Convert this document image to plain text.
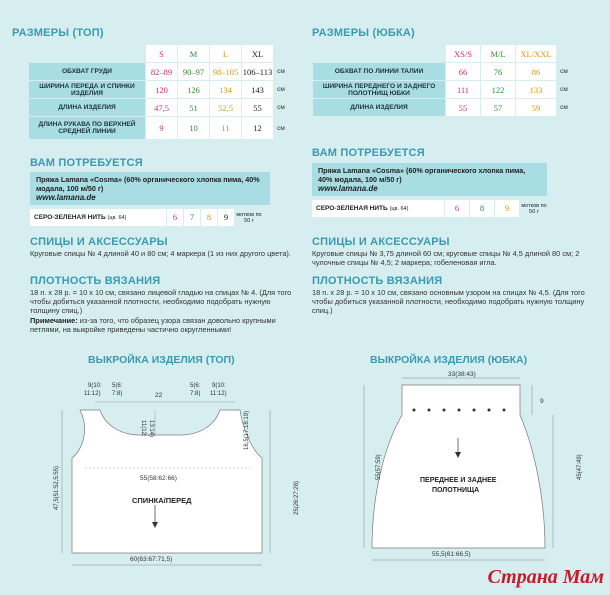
РАЗМЕРЫ (ТОП)
	S	M	L	XL	
ОБХВАТ ГРУДИ	82–89	90–97	98–105	106–113	см
ШИРИНА ПЕРЕДА И СПИНКИ ИЗДЕЛИЯ	120	126	134	143	см
ДЛИНА ИЗДЕЛИЯ	47,5	51	52,5	55	см
ДЛИНА РУКАВА ПО ВЕРХНЕЙ СРЕДНЕЙ ЛИНИИ	9	10	11	12	см
РАЗМЕРЫ (ЮБКА)
	XS/S	M/L	XL/XXL	
ОБХВАТ ПО ЛИНИИ ТАЛИИ	66	76	86	см
ШИРИНА ПЕРЕДНЕГО И ЗАДНЕГО ПОЛОТНИЩ ЮБКИ	111	122	133	см
ДЛИНА ИЗДЕЛИЯ	55	57	59	см
ВАМ ПОТРЕБУЕТСЯ
Пряжа Lamana «Cosma» (60% органического хлопка пима, 40% модала, 100 м/50 г)
www.lamana.de
СЕРО-ЗЕЛЕНАЯ НИТЬ (цв. 64)	6	7	8	9	мотков по 50 г
ВАМ ПОТРЕБУЕТСЯ
Пряжа Lamana «Cosma» (60% органического хлопка пима, 40% модала, 100 м/50 г)
www.lamana.de
СЕРО-ЗЕЛЕНАЯ НИТЬ (цв. 64)	6	8	9	мотков по 50 г
СПИЦЫ И АКСЕССУАРЫ
Круговые спицы № 4 длиной 40 и 80 см; 4 маркера (1 из них другого цвета).
ПЛОТНОСТЬ ВЯЗАНИЯ
18 п. х 28 р. = 10 х 10 см, связано лицевой гладью на спицах № 4. (Для того чтобы добиться указанной плотности, необходимо подобрать нужную толщину спиц.)
Примечание: из-за того, что образец узора связан довольно крупными петлями, на выкройке приведены частично округленными!
СПИЦЫ И АКСЕССУАРЫ
Круговые спицы № 3,75 длиной 60 см; круговые спицы № 4,5 длиной 80 см; 2 чулочные спицы № 4,5; 2 маркера; гобеленовая игла.
ПЛОТНОСТЬ ВЯЗАНИЯ
18 п. х 28 р. = 10 х 10 см, связано основным узором на спицах № 4,5. (Для того чтобы добиться указанной плотности, необходимо подобрать нужную толщину спиц.)
ВЫКРОЙКА ИЗДЕЛИЯ (ТОП)	ВЫКРОЙКА ИЗДЕЛИЯ (ЮБКА)
9(10:
11:12)
5(6:
7:8)
5(6:
7:8)
9(10:
11:12)
22
11(12: 13:14)	16,5(17:18:19)
55(58:62:66)
СПИНКА/ПЕРЕД
47,5(51:52,5:55)	25(26:27:28)
60(63:67:71,5)
33(38:43)
9
ПЕРЕДНЕЕ И ЗАДНЕЕ
ПОЛОТНИЩА
55(57:59)	45(47:49)
55,5(61:66,5)
Страна Мам
